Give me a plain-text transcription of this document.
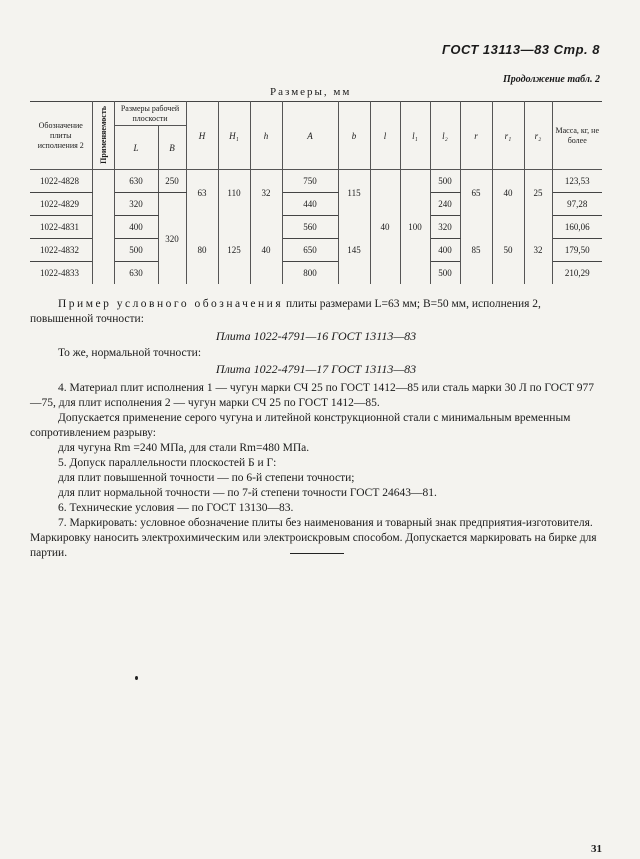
ГОСТ 13113—83 Стр. 8
Продолжение табл. 2
Размеры, мм
Обозначение плиты исполнения 2	Применяемость	Размеры рабочей плоскости		H	H₁	h	A	b	l	l₁	l₂	r	r₁	r₂	Масса, кг, не более
		L	B												
1022-4828		630	250	63	110	32	750	115	40	100	500	65	40	25	123,53
1022-4829		320	320				440				240				97,28
1022-4831		400		80	125	40	560	145			320	85	50	32	160,06
1022-4832		500					650				400				179,50
1022-4833		630					800				500				210,29

Пример условного обозначения плиты размерами L=63 мм; B=50 мм, исполнения 2, повышенной точности:

Плита 1022-4791—16 ГОСТ 13113—83

То же, нормальной точности:

Плита 1022-4791—17 ГОСТ 13113—83

4. Материал плит исполнения 1 — чугун марки СЧ 25 по ГОСТ 1412—85 или сталь марки 30 Л по ГОСТ 977—75, для плит исполнения 2 — чугун марки СЧ 25 по ГОСТ 1412—85.

Допускается применение серого чугуна и литейной конструкционной стали с минимальным временным сопротивлением разрыву:

для чугуна Rm =240 МПа, для стали Rm=480 МПа.

5. Допуск параллельности плоскостей Б и Г:

для плит повышенной точности — по 6-й степени точности;

для плит нормальной точности — по 7-й степени точности ГОСТ 24643—81.

6. Технические условия — по ГОСТ 13130—83.

7. Маркировать: условное обозначение плиты без наименования и товарный знак предприятия-изготовителя. Маркировку наносить электрохимическим или электроискровым способом. Допускается маркировать на бирке для партии.

31
